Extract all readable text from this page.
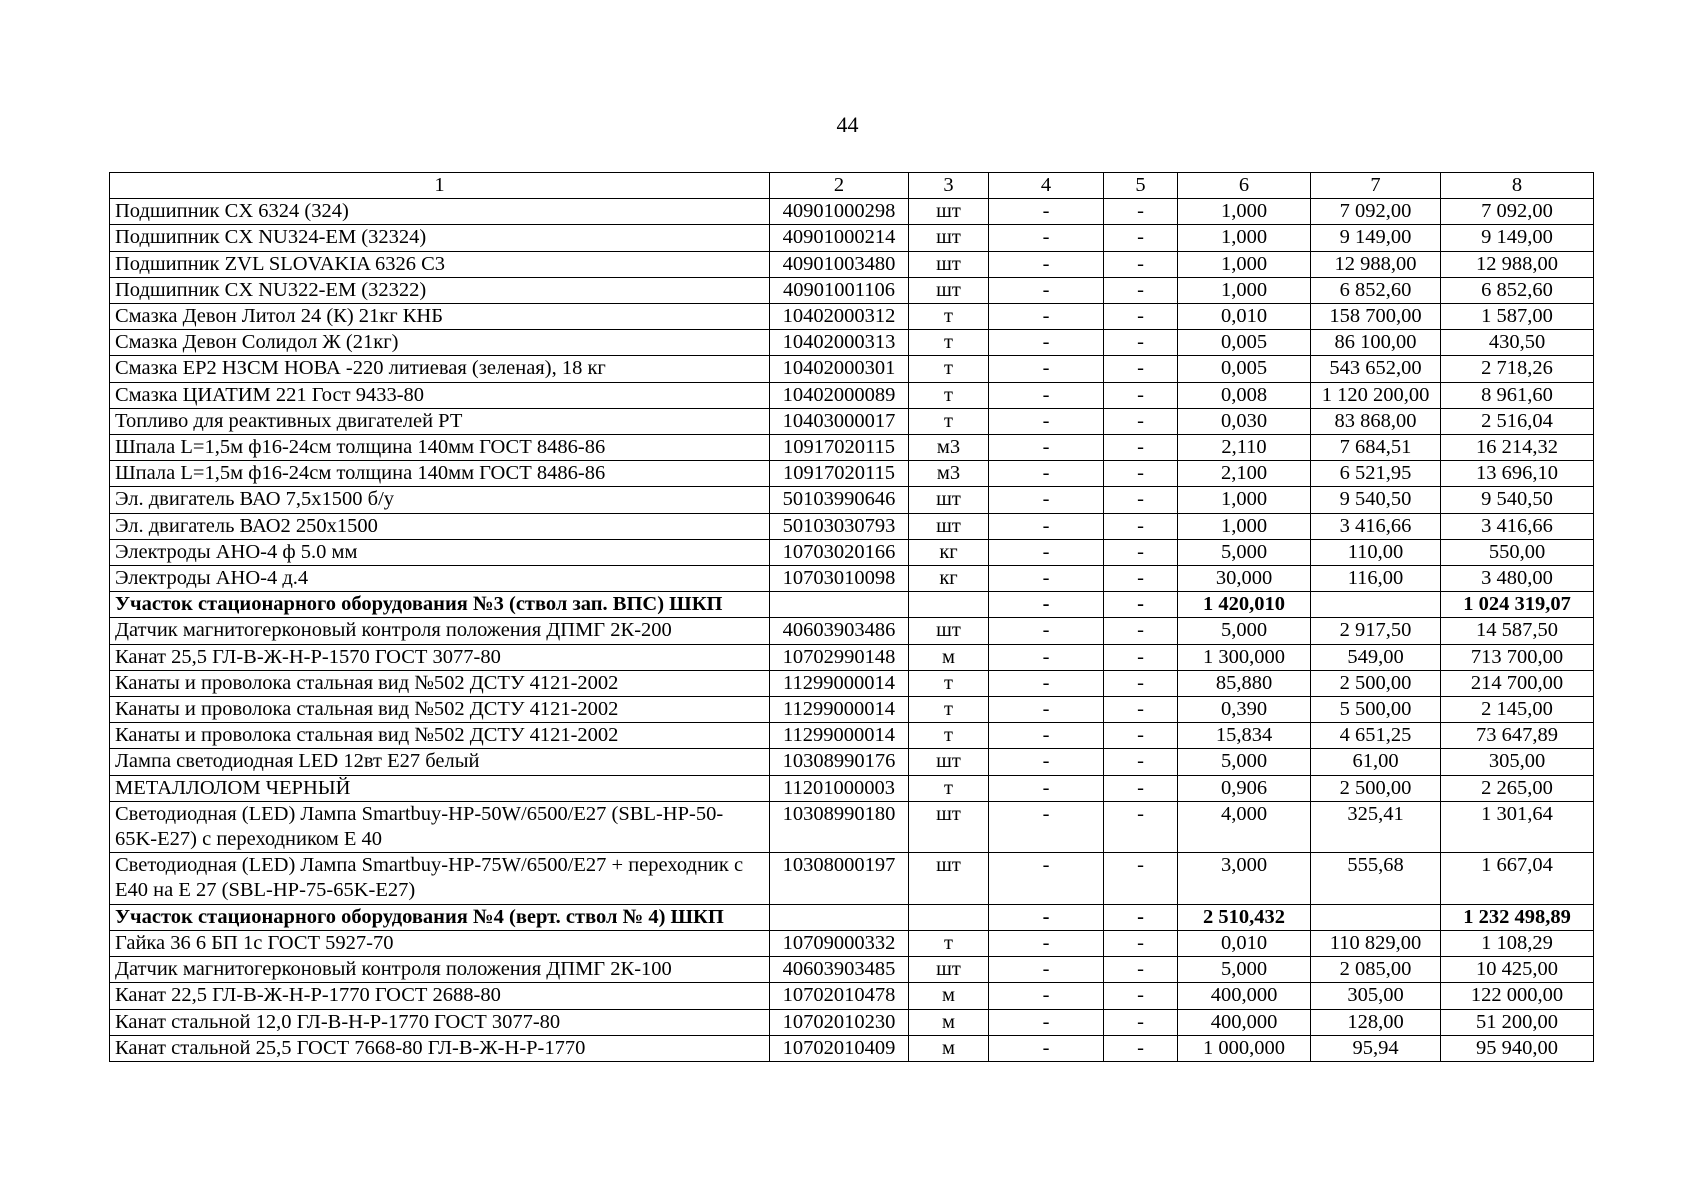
44
1	2	3	4	5	6	7	8
Подшипник CX 6324 (324)	40901000298	шт	-	-	1,000	7 092,00	7 092,00
Подшипник CX NU324-EM (32324)	40901000214	шт	-	-	1,000	9 149,00	9 149,00
Подшипник ZVL SLOVAKIA 6326 C3	40901003480	шт	-	-	1,000	12 988,00	12 988,00
Подшипник CX NU322-EM (32322)	40901001106	шт	-	-	1,000	6 852,60	6 852,60
Смазка Девон Литол 24 (К) 21кг КНБ	10402000312	т	-	-	0,010	158 700,00	1 587,00
Смазка Девон Солидол Ж (21кг)	10402000313	т	-	-	0,005	86 100,00	430,50
Смазка EP2 НЗСМ НОВА -220 литиевая (зеленая), 18 кг	10402000301	т	-	-	0,005	543 652,00	2 718,26
Смазка ЦИАТИМ 221 Гост 9433-80	10402000089	т	-	-	0,008	1 120 200,00	8 961,60
Топливо для реактивных двигателей РТ	10403000017	т	-	-	0,030	83 868,00	2 516,04
Шпала L=1,5м ф16-24см толщина 140мм ГОСТ 8486-86	10917020115	м3	-	-	2,110	7 684,51	16 214,32
Шпала L=1,5м ф16-24см толщина 140мм ГОСТ 8486-86	10917020115	м3	-	-	2,100	6 521,95	13 696,10
Эл. двигатель ВАО 7,5х1500 б/у	50103990646	шт	-	-	1,000	9 540,50	9 540,50
Эл. двигатель ВАО2 250х1500	50103030793	шт	-	-	1,000	3 416,66	3 416,66
Электроды АНО-4 ф 5.0 мм	10703020166	кг	-	-	5,000	110,00	550,00
Электроды АНО-4 д.4	10703010098	кг	-	-	30,000	116,00	3 480,00
Участок стационарного оборудования №3 (ствол зап. ВПС) ШКП			-	-	1 420,010		1 024 319,07
Датчик магнитогерконовый контроля положения ДПМГ 2К-200	40603903486	шт	-	-	5,000	2 917,50	14 587,50
Канат 25,5 ГЛ-В-Ж-Н-Р-1570 ГОСТ 3077-80	10702990148	м	-	-	1 300,000	549,00	713 700,00
Канаты и проволока стальная вид №502 ДСТУ 4121-2002	11299000014	т	-	-	85,880	2 500,00	214 700,00
Канаты и проволока стальная вид №502 ДСТУ 4121-2002	11299000014	т	-	-	0,390	5 500,00	2 145,00
Канаты и проволока стальная вид №502 ДСТУ 4121-2002	11299000014	т	-	-	15,834	4 651,25	73 647,89
Лампа светодиодная LED 12вт E27 белый	10308990176	шт	-	-	5,000	61,00	305,00
МЕТАЛЛОЛОМ ЧЕРНЫЙ	11201000003	т	-	-	0,906	2 500,00	2 265,00
Светодиодная (LED) Лампа Smartbuy-HP-50W/6500/E27 (SBL-HP-50-65K-E27) с переходником Е 40	10308990180	шт	-	-	4,000	325,41	1 301,64
Светодиодная (LED) Лампа Smartbuy-HP-75W/6500/E27 + переходник с E40 на Е 27 (SBL-HP-75-65K-E27)	10308000197	шт	-	-	3,000	555,68	1 667,04
Участок стационарного оборудования №4 (верт. ствол № 4) ШКП			-	-	2 510,432		1 232 498,89
Гайка 36 6 БП 1с ГОСТ 5927-70	10709000332	т	-	-	0,010	110 829,00	1 108,29
Датчик магнитогерконовый контроля положения ДПМГ 2К-100	40603903485	шт	-	-	5,000	2 085,00	10 425,00
Канат 22,5 ГЛ-В-Ж-Н-Р-1770 ГОСТ 2688-80	10702010478	м	-	-	400,000	305,00	122 000,00
Канат стальной 12,0 ГЛ-В-Н-Р-1770 ГОСТ 3077-80	10702010230	м	-	-	400,000	128,00	51 200,00
Канат стальной 25,5 ГОСТ 7668-80 ГЛ-В-Ж-Н-Р-1770	10702010409	м	-	-	1 000,000	95,94	95 940,00
